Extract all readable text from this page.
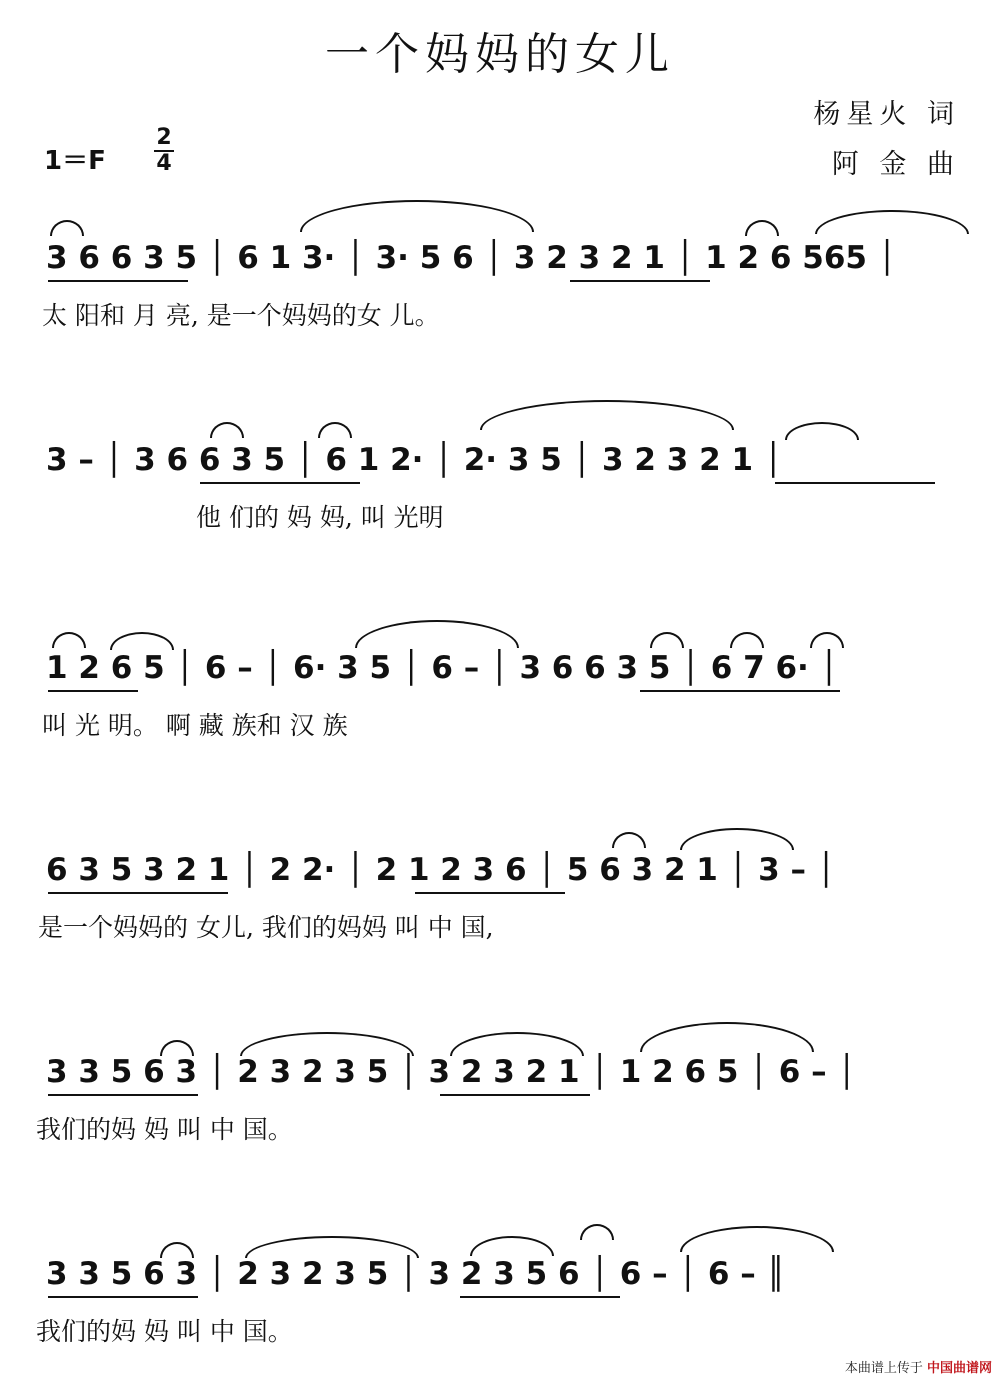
一个妈妈的女儿
杨星火 词
阿 金 曲
1＝F
2
4
3 6 6 3 5 │ 6 1 3· │ 3· 5 6 │ 3 2 3 2 1 │ 1 2 6 565 │
太 阳和 月 亮, 是一个妈妈的女 儿。
3 – │ 3 6 6 3 5 │ 6 1 2· │ 2· 3 5 │ 3 2 3 2 1 │
他 们的 妈 妈, 叫 光明
1 2 6 5 │ 6 – │ 6· 3 5 │ 6 – │ 3 6 6 3 5 │ 6 7 6· │
叫 光 明。 啊 藏 族和 汉 族
6 3 5 3 2 1 │ 2 2· │ 2 1 2 3 6 │ 5 6 3 2 1 │ 3 – │
是一个妈妈的 女儿, 我们的妈妈 叫 中 国,
3 3 5 6 3 │ 2 3 2 3 5 │ 3 2 3 2 1 │ 1 2 6 5 │ 6 – │
我们的妈 妈 叫 中 国。
3 3 5 6 3 │ 2 3 2 3 5 │ 3 2 3 5 6 │ 6 – │ 6 – ║
我们的妈 妈 叫 中 国。
本曲谱上传于 中国曲谱网
